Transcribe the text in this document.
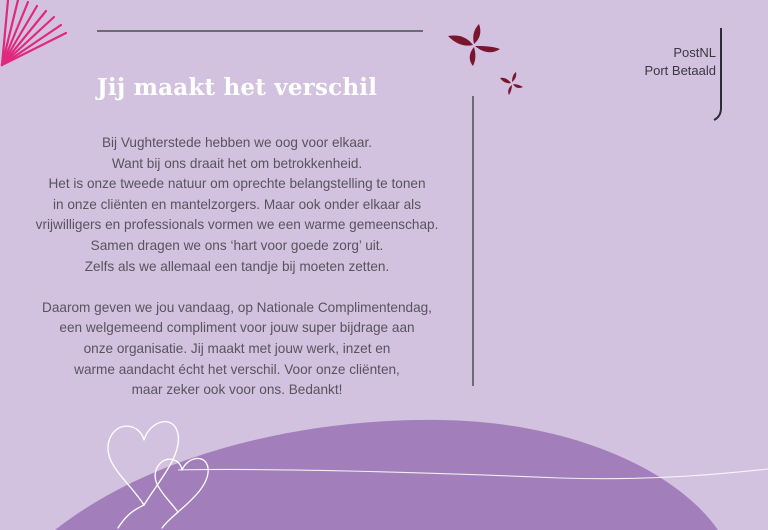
Jij maakt het verschil

Bij Vughterstede hebben we oog voor elkaar.
Want bij ons draait het om betrokkenheid.
Het is onze tweede natuur om oprechte belangstelling te tonen
in onze cliënten en mantelzorgers. Maar ook onder elkaar als
vrijwilligers en professionals vormen we een warme gemeenschap.
Samen dragen we ons ‘hart voor goede zorg’ uit.
Zelfs als we allemaal een tandje bij moeten zetten.

Daarom geven we jou vandaag, op Nationale Complimentendag,
een welgemeend compliment voor jouw super bijdrage aan
onze organisatie. Jij maakt met jouw werk, inzet en
warme aandacht écht het verschil. Voor onze cliënten,
maar zeker ook voor ons. Bedankt!

PostNL
Port Betaald
